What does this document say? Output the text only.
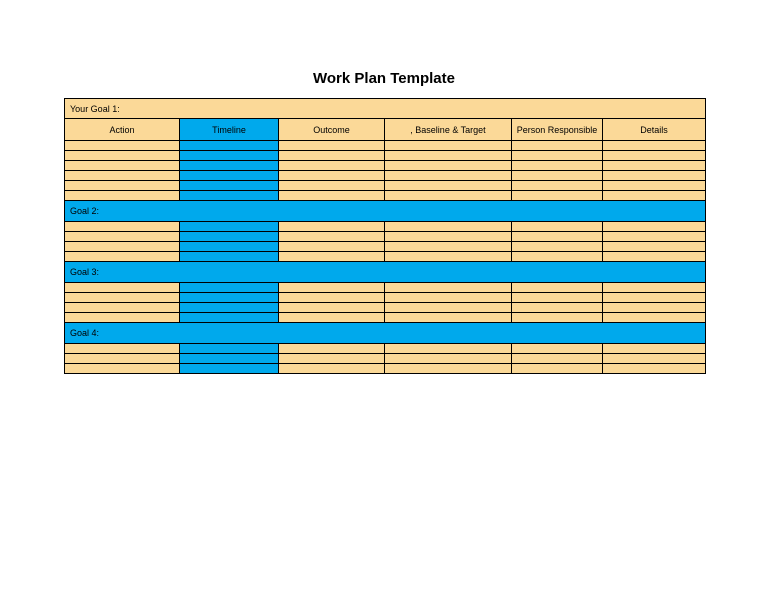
Work Plan Template
Your Goal 1:					
Action	Timeline	Outcome	, Baseline & Target	Person Responsible	Details

Goal 2:					

Goal 3:					

Goal 4:					
